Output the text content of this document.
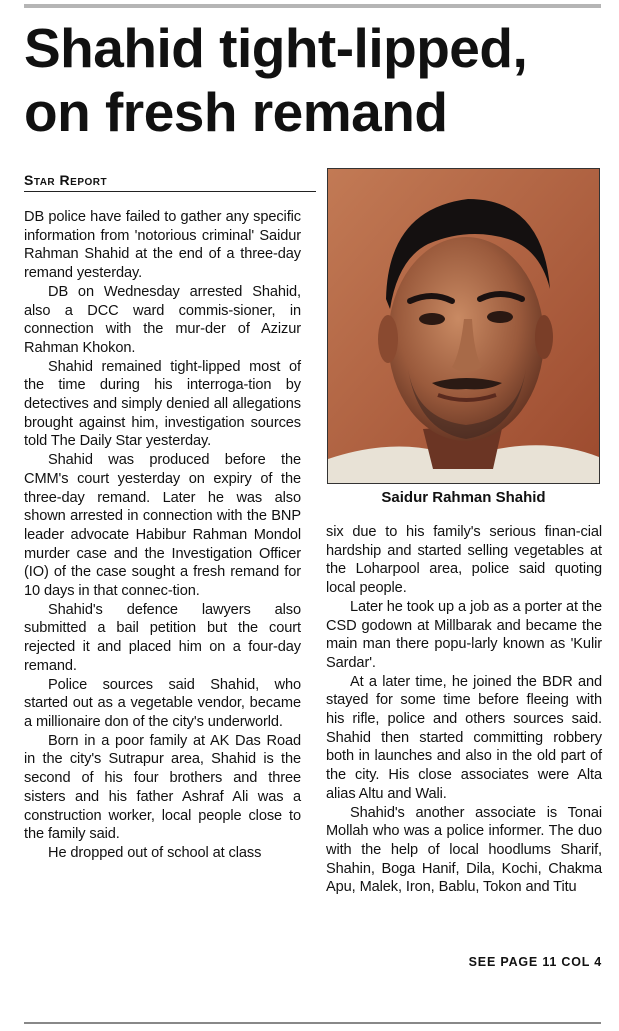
Shahid tight-lipped,
on fresh remand
Star Report

DB police have failed to gather any specific information from 'notorious criminal' Saidur Rahman Shahid at the end of a three-day remand yesterday.

DB on Wednesday arrested Shahid, also a DCC ward commis-sioner, in connection with the mur-der of Azizur Rahman Khokon.

Shahid remained tight-lipped most of the time during his interroga-tion by detectives and simply denied all allegations brought against him, investigation sources told The Daily Star yesterday.

Shahid was produced before the CMM's court yesterday on expiry of the three-day remand. Later he was also shown arrested in connection with the BNP leader advocate Habibur Rahman Mondol murder case and the Investigation Officer (IO) of the case sought a fresh remand for 10 days in that connec-tion.

Shahid's defence lawyers also submitted a bail petition but the court rejected it and placed him on a four-day remand.

Police sources said Shahid, who started out as a vegetable vendor, became a millionaire don of the city's underworld.

Born in a poor family at AK Das Road in the city's Sutrapur area, Shahid is the second of his four brothers and three sisters and his father Ashraf Ali was a construction worker, local people close to the family said.

He dropped out of school at class

Saidur Rahman Shahid

six due to his family's serious finan-cial hardship and started selling vegetables at the Loharpool area, police said quoting local people.

Later he took up a job as a porter at the CSD godown at Millbarak and became the main man there popu-larly known as 'Kulir Sardar'.

At a later time, he joined the BDR and stayed for some time before fleeing with his rifle, police and others sources said. Shahid then started committing robbery both in launches and also in the old part of the city. His close associates were Alta alias Altu and Wali.

Shahid's another associate is Tonai Mollah who was a police informer. The duo with the help of local hoodlums Sharif, Shahin, Boga Hanif, Dila, Kochi, Chakma Apu, Malek, Iron, Bablu, Tokon and Titu

SEE PAGE 11 COL 4
